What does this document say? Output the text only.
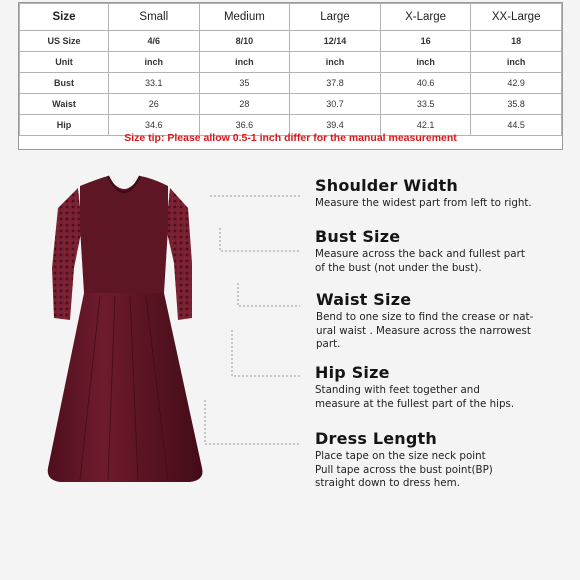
Size	Small	Medium	Large	X-Large	XX-Large
US Size	4/6	8/10	12/14	16	18
Unit	inch	inch	inch	inch	inch
Bust	33.1	35	37.8	40.6	42.9
Waist	26	28	30.7	33.5	35.8
Hip	34.6	36.6	39.4	42.1	44.5
Size tip: Please allow 0.5-1 inch differ for the manual measurement
Shoulder Width
Measure the widest part from left to right.
Bust Size
Measure across the back and fullest part
of the bust (not under the bust).
Waist Size
Bend to one size to find the crease or nat-
ural waist . Measure across the narrowest
part.
Hip Size
Standing with feet together and
measure at the fullest part of the hips.
Dress Length
Place tape on the size neck point
Pull tape across the bust point(BP)
straight down to dress hem.
